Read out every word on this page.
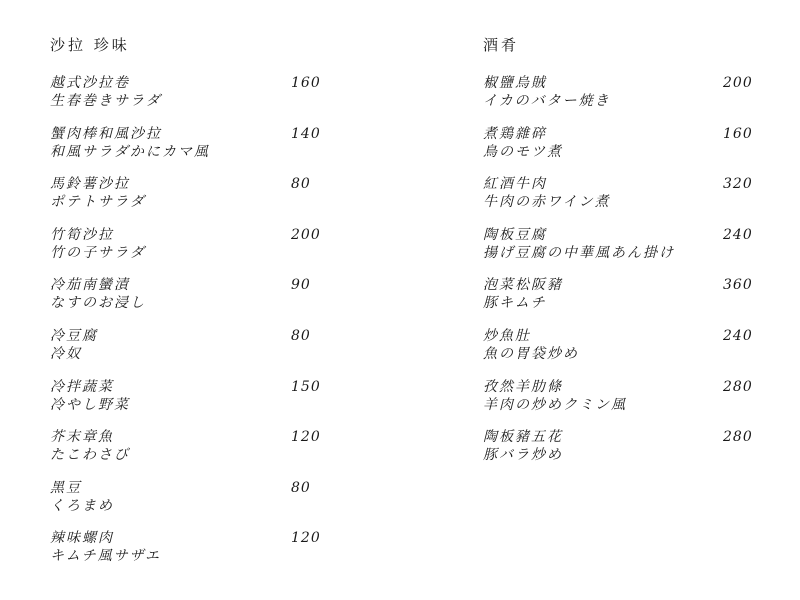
沙拉 珍味
越式沙拉卷
生春巻きサラダ
160
蟹肉棒和風沙拉
和風サラダかにカマ風
140
馬鈴薯沙拉
ポテトサラダ
80
竹筍沙拉
竹の子サラダ
200
冷茄南蠻漬
なすのお浸し
90
冷豆腐
冷奴
80
冷拌蔬菜
冷やし野菜
150
芥末章魚
たこわさび
120
黑豆
くろまめ
80
辣味螺肉
キムチ風サザエ
120
酒肴
椒鹽烏賊
イカのバター焼き
200
煮鶏雜碎
鳥のモツ煮
160
紅酒牛肉
牛肉の赤ワイン煮
320
陶板豆腐
揚げ豆腐の中華風あん掛け
240
泡菜松阪豬
豚キムチ
360
炒魚肚
魚の胃袋炒め
240
孜然羊肋條
羊肉の炒めクミン風
280
陶板豬五花
豚バラ炒め
280
